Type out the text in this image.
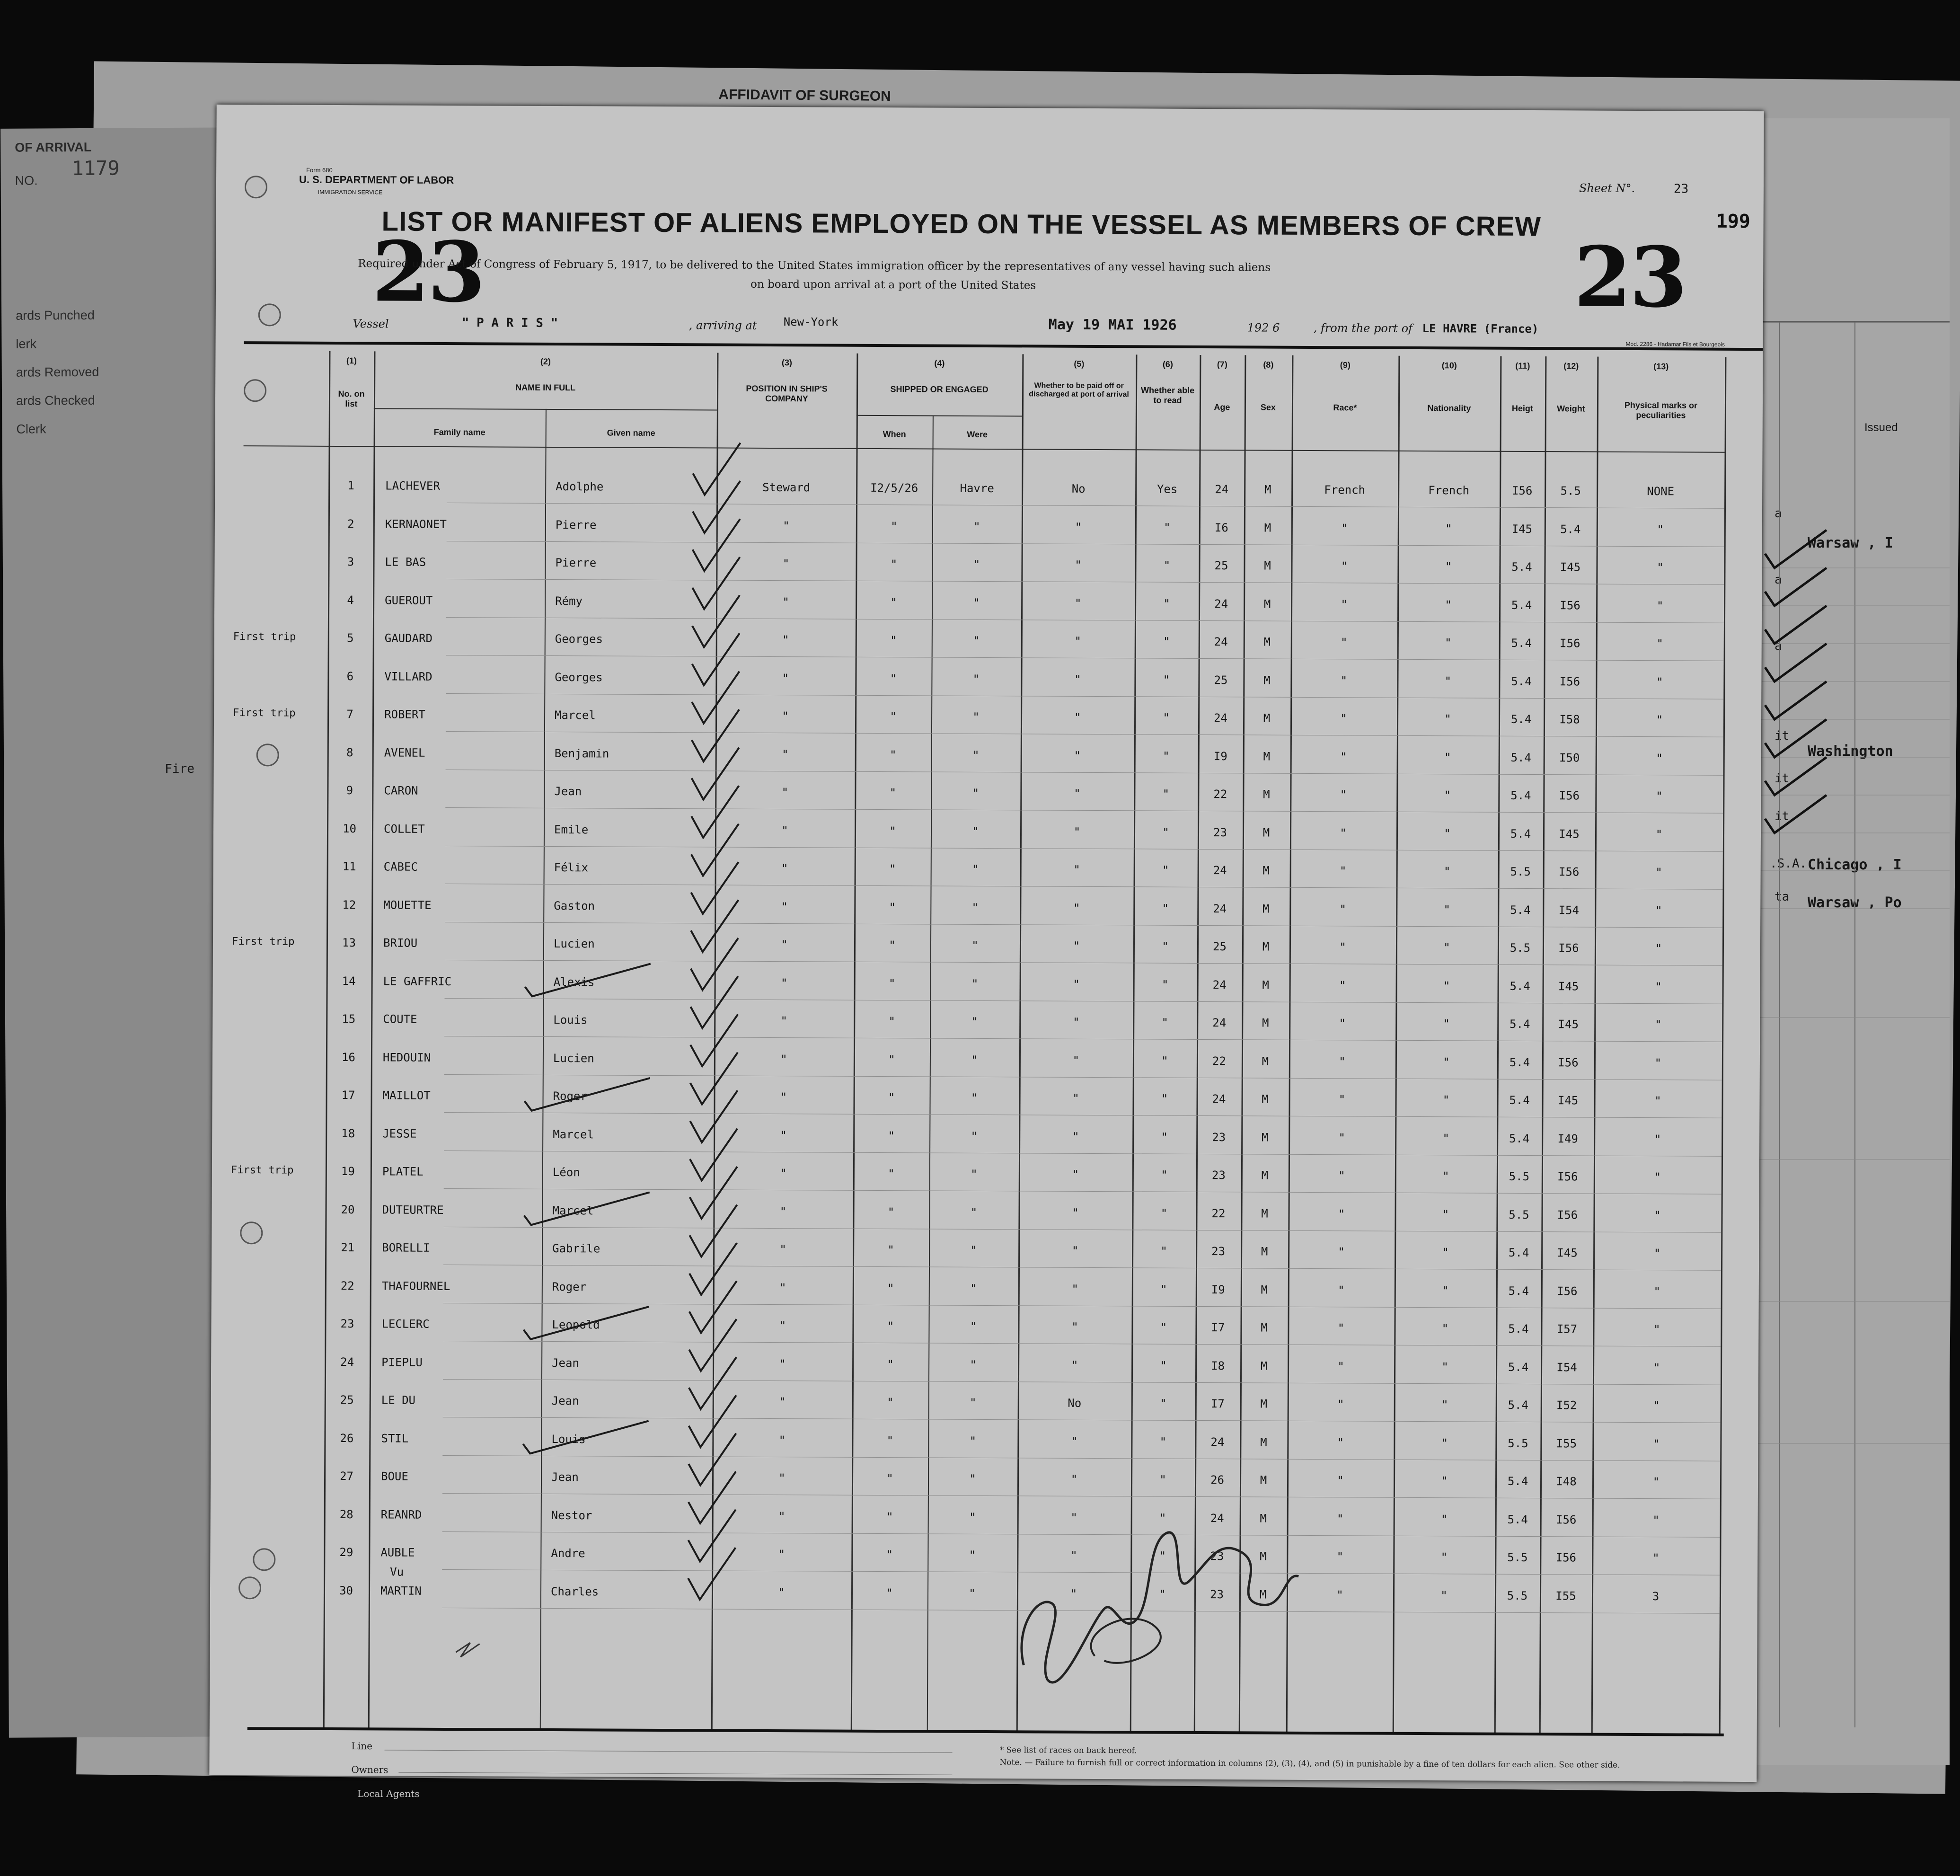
AFFIDAVIT OF SURGEON
Issued
Warsaw , I
Washington
Chicago , I
Warsaw , Po
a
a
a
it
it
it
.S.A.
ta
OF ARRIVAL
NO.
1179
ards Punched
lerk
ards Removed
ards Checked
Clerk
Fire
Form 680
U. S. DEPARTMENT OF LABOR
IMMIGRATION SERVICE	Sheet N°.	23
199
LIST OR MANIFEST OF ALIENS EMPLOYED ON THE VESSEL AS MEMBERS OF CREW
23	23
Required under Act of Congress of February 5, 1917, to be delivered to the United States immigration officer by the representatives of any vessel having such aliens
on board upon arrival at a port of the United States
Vessel	" P A R I S "	, arriving at New-York	May 19 MAI 1926	192 6	, from the port of LE HAVRE (France)
Mod. 2286 - Hadamar Fils et Bourgeois
(1)
No. on list
(2)
NAME IN FULL
Family name	Given name
(3)
POSITION IN SHIP'S COMPANY
(4)
SHIPPED OR ENGAGED
When	Were
(5)
Whether to be paid off or discharged at port of arrival
(6)
Whether able to read
(7)
Age
(8)
Sex
(9)
Race*
(10)
Nationality
(11)
Heigt
(12)
Weight
(13)
Physical marks or peculiarities
1	LACHEVER	Adolphe	Steward	I2/5/26	Havre	No	Yes	24	M	French	French	I56	5.5	NONE
2	KERNAONET	Pierre	"	"	"	"	"	I6	M	"	"	I45	5.4	"
3	LE BAS	Pierre	"	"	"	"	"	25	M	"	"	5.4	I45	"
4	GUEROUT	Rémy	"	"	"	"	"	24	M	"	"	5.4	I56	"
First trip	5	GAUDARD	Georges	"	"	"	"	"	24	M	"	"	5.4	I56	"
6	VILLARD	Georges	"	"	"	"	"	25	M	"	"	5.4	I56	"
First trip	7	ROBERT	Marcel	"	"	"	"	"	24	M	"	"	5.4	I58	"
8	AVENEL	Benjamin	"	"	"	"	"	I9	M	"	"	5.4	I50	"
9	CARON	Jean	"	"	"	"	"	22	M	"	"	5.4	I56	"
10	COLLET	Emile	"	"	"	"	"	23	M	"	"	5.4	I45	"
11	CABEC	Félix	"	"	"	"	"	24	M	"	"	5.5	I56	"
12	MOUETTE	Gaston	"	"	"	"	"	24	M	"	"	5.4	I54	"
First trip	13	BRIOU	Lucien	"	"	"	"	"	25	M	"	"	5.5	I56	"
14	LE GAFFRIC	Alexis	"	"	"	"	"	24	M	"	"	5.4	I45	"
15	COUTE	Louis	"	"	"	"	"	24	M	"	"	5.4	I45	"
16	HEDOUIN	Lucien	"	"	"	"	"	22	M	"	"	5.4	I56	"
17	MAILLOT	Roger	"	"	"	"	"	24	M	"	"	5.4	I45	"
18	JESSE	Marcel	"	"	"	"	"	23	M	"	"	5.4	I49	"
First trip	19	PLATEL	Léon	"	"	"	"	"	23	M	"	"	5.5	I56	"
20	DUTEURTRE	Marcel	"	"	"	"	"	22	M	"	"	5.5	I56	"
21	BORELLI	Gabrile	"	"	"	"	"	23	M	"	"	5.4	I45	"
22	THAFOURNEL	Roger	"	"	"	"	"	I9	M	"	"	5.4	I56	"
23	LECLERC	Leopold	"	"	"	"	"	I7	M	"	"	5.4	I57	"
24	PIEPLU	Jean	"	"	"	"	"	I8	M	"	"	5.4	I54	"
25	LE DU	Jean	"	"	"	No	"	I7	M	"	"	5.4	I52	"
26	STIL	Louis	"	"	"	"	"	24	M	"	"	5.5	I55	"
27	BOUE	Jean	"	"	"	"	"	26	M	"	"	5.4	I48	"
28	REANRD	Nestor	"	"	"	"	"	24	M	"	"	5.4	I56	"
29	AUBLE	Andre	"	"	"	"	"	23	M	"	"	5.5	I56	"
30	MARTIN	Charles	"	"	"	"	"	23	M	"	"	5.5	I55	3
Vu
Line
Owners
* See list of races on back hereof.
Note. — Failure to furnish full or correct information in columns (2), (3), (4), and (5) in punishable by a fine of ten dollars for each alien. See other side.
Local Agents
